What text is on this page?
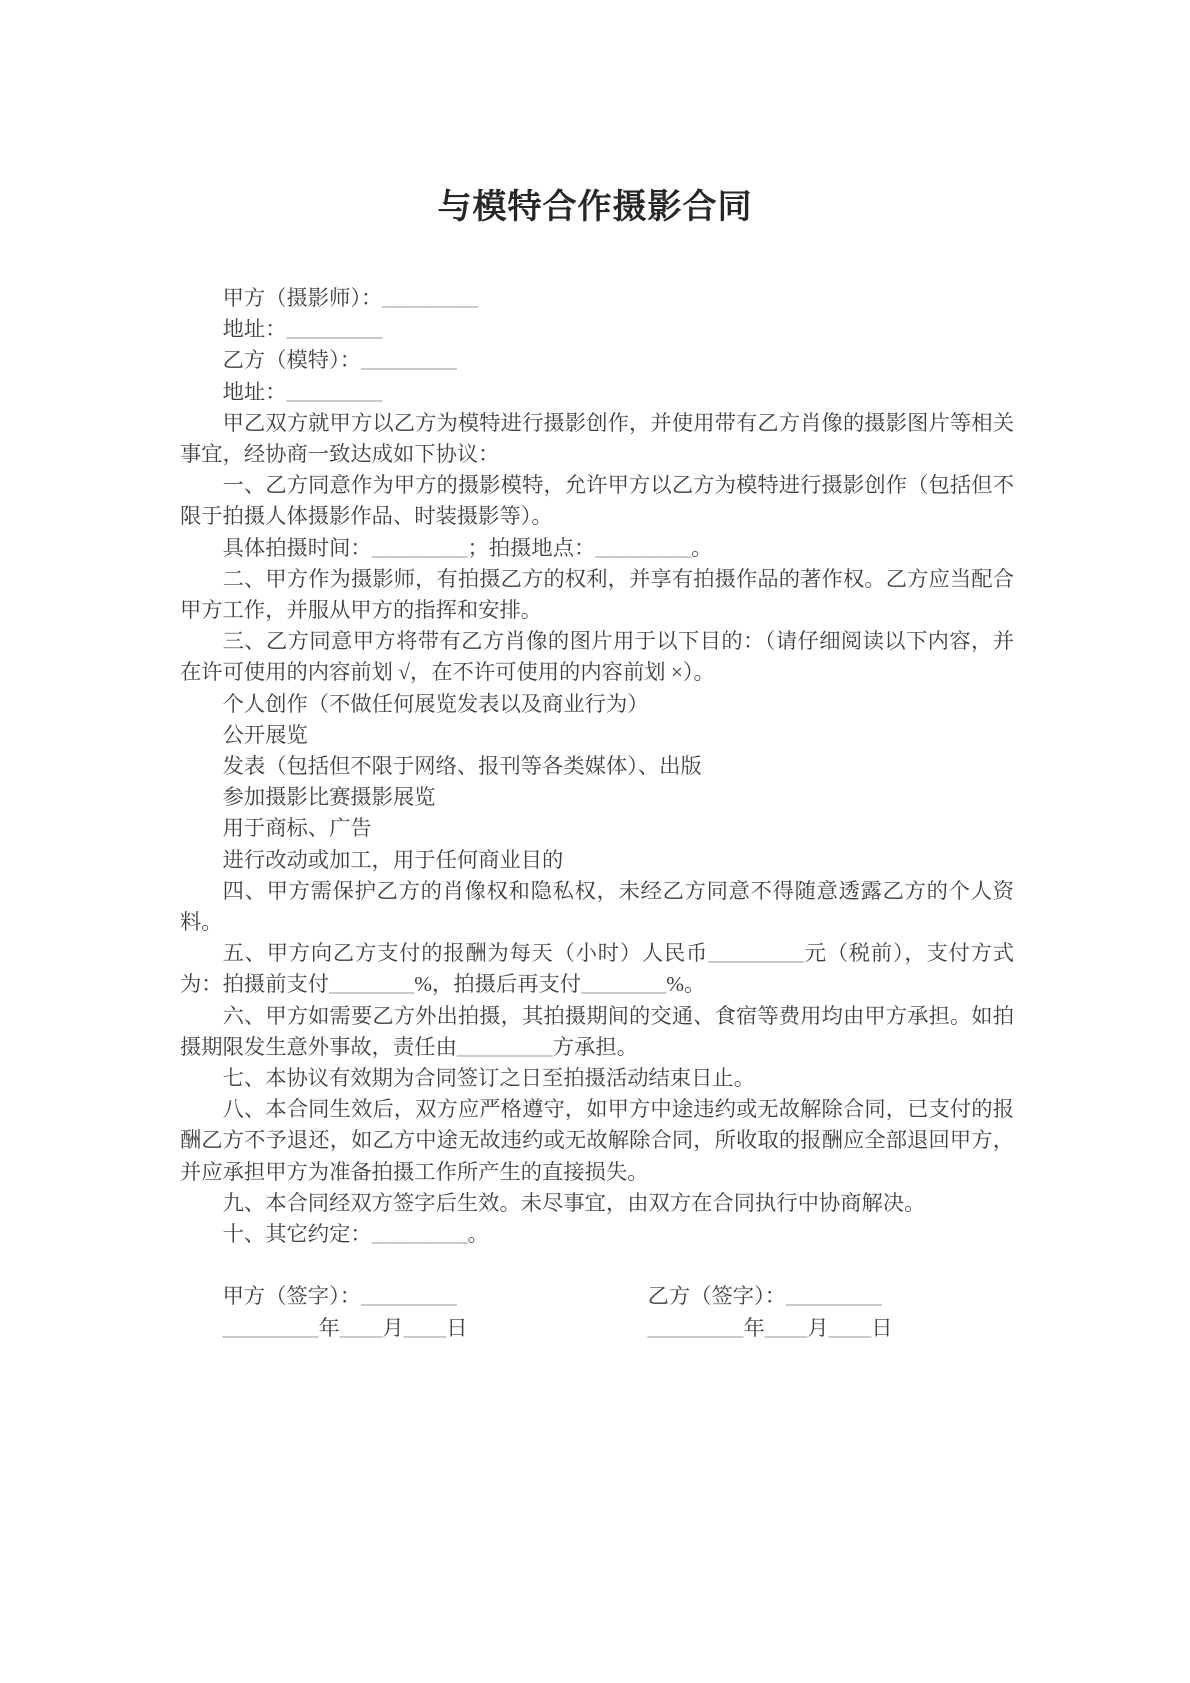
与模特合作摄影合同

甲方（摄影师）：_________

地址：_________

乙方（模特）：_________

地址：_________

甲乙双方就甲方以乙方为模特进行摄影创作，并使用带有乙方肖像的摄影图片等相关事宜，经协商一致达成如下协议：

一、乙方同意作为甲方的摄影模特，允许甲方以乙方为模特进行摄影创作（包括但不限于拍摄人体摄影作品、时装摄影等）。

具体拍摄时间：_________；拍摄地点：_________。

二、甲方作为摄影师，有拍摄乙方的权利，并享有拍摄作品的著作权。乙方应当配合甲方工作，并服从甲方的指挥和安排。

三、乙方同意甲方将带有乙方肖像的图片用于以下目的：（请仔细阅读以下内容，并在许可使用的内容前划 √，在不许可使用的内容前划 ×）。

个人创作（不做任何展览发表以及商业行为）

公开展览

发表（包括但不限于网络、报刊等各类媒体）、出版

参加摄影比赛摄影展览

用于商标、广告

进行改动或加工，用于任何商业目的

四、甲方需保护乙方的肖像权和隐私权，未经乙方同意不得随意透露乙方的个人资料。

五、甲方向乙方支付的报酬为每天（小时）人民币_________元（税前），支付方式为：拍摄前支付________%，拍摄后再支付________%。

六、甲方如需要乙方外出拍摄，其拍摄期间的交通、食宿等费用均由甲方承担。如拍摄期限发生意外事故，责任由_________方承担。

七、本协议有效期为合同签订之日至拍摄活动结束日止。

八、本合同生效后，双方应严格遵守，如甲方中途违约或无故解除合同，已支付的报酬乙方不予退还，如乙方中途无故违约或无故解除合同，所收取的报酬应全部退回甲方，并应承担甲方为准备拍摄工作所产生的直接损失。

九、本合同经双方签字后生效。未尽事宜，由双方在合同执行中协商解决。

十、其它约定：_________。

甲方（签字）：_________	乙方（签字）：_________

_________年____月____日	_________年____月____日
